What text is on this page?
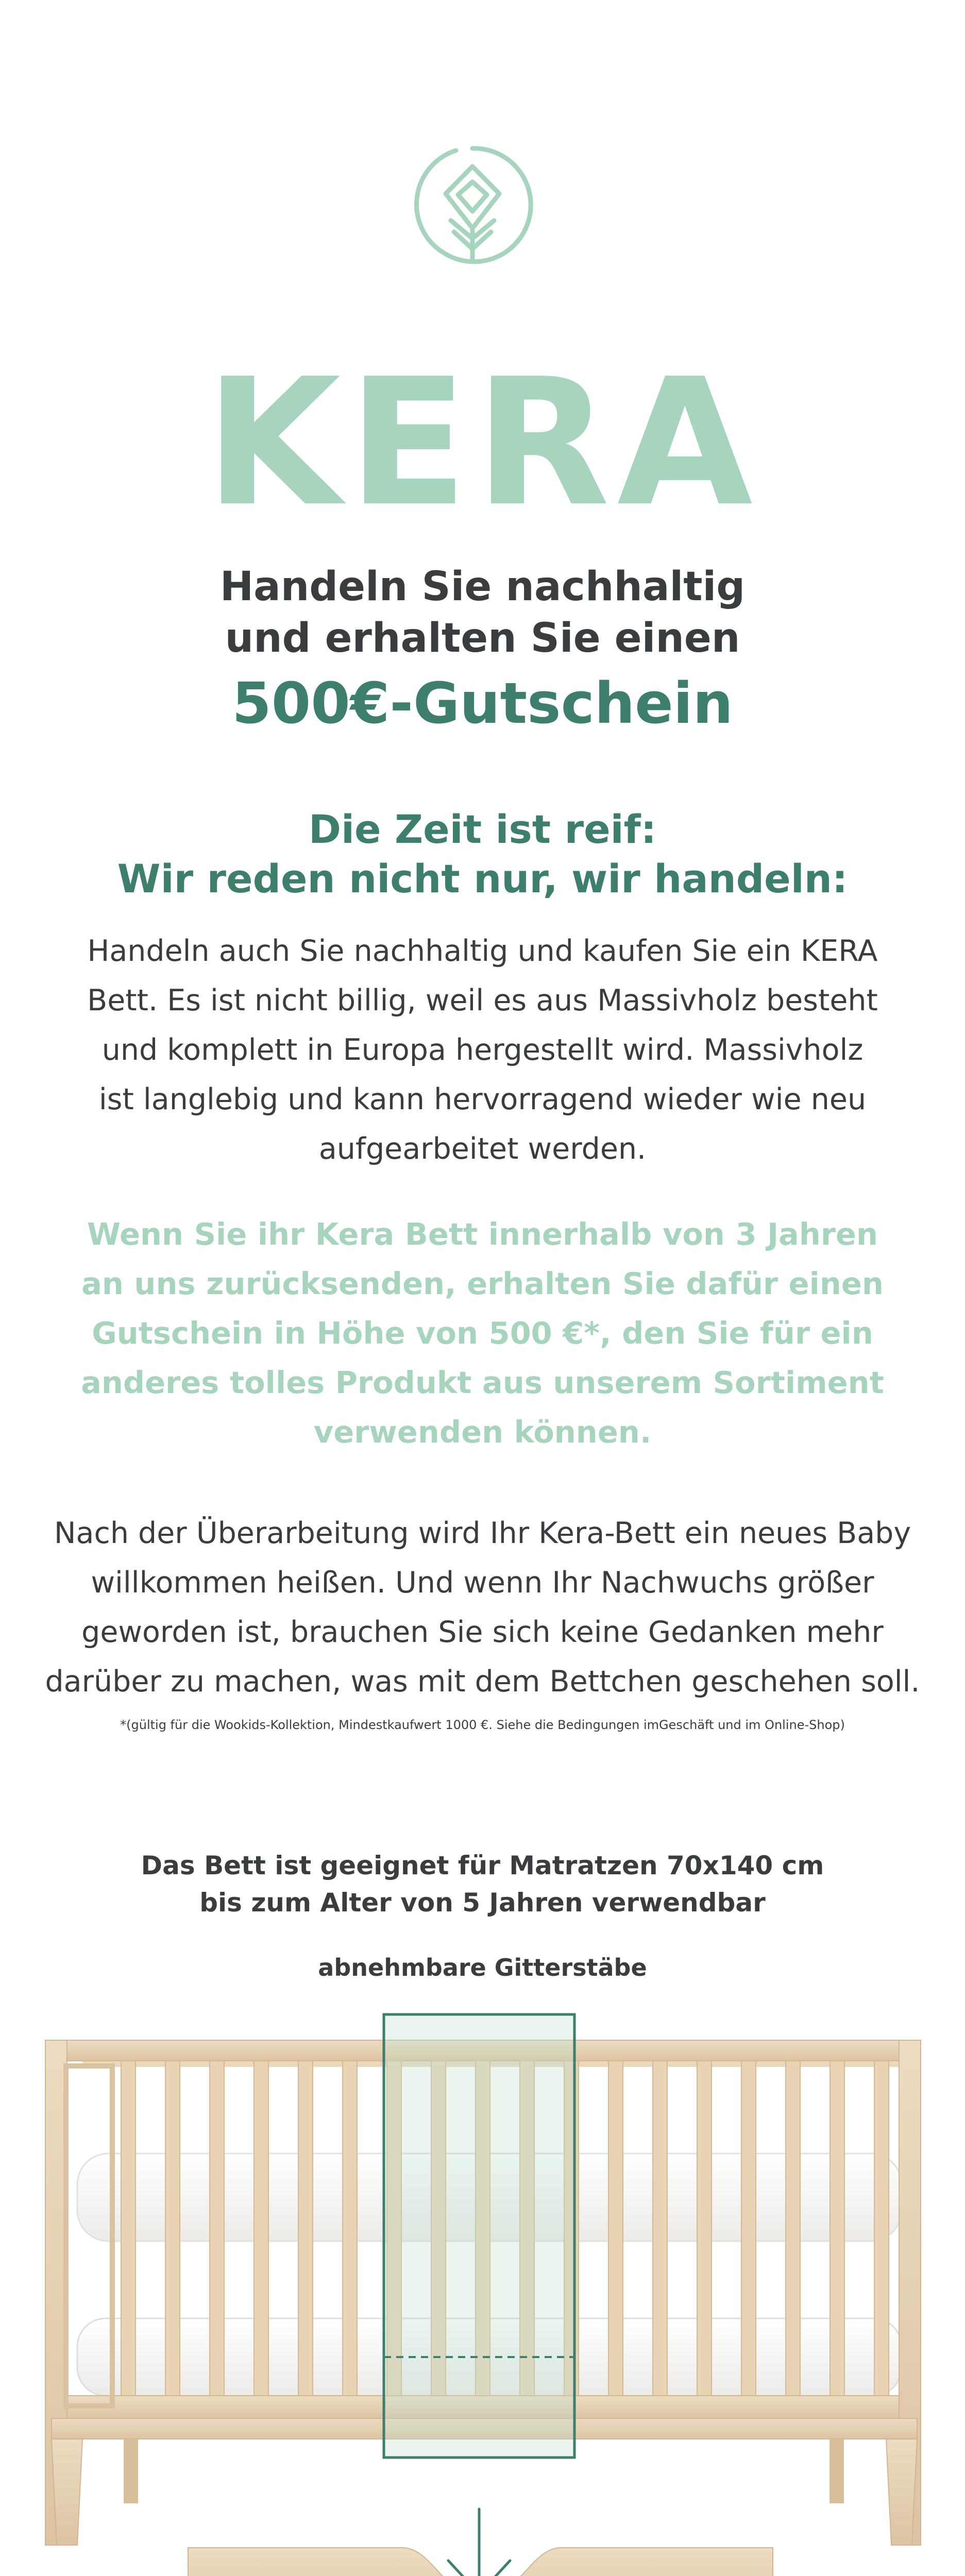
KERA
Handeln Sie nachhaltig
und erhalten Sie einen
500€-Gutschein
Die Zeit ist reif:
Wir reden nicht nur, wir handeln:

Handeln auch Sie nachhaltig und kaufen Sie ein KERA

Bett. Es ist nicht billig, weil es aus Massivholz besteht

und komplett in Europa hergestellt wird. Massivholz

ist langlebig und kann hervorragend wieder wie neu

aufgearbeitet werden.

Wenn Sie ihr Kera Bett innerhalb von 3 Jahren
an uns zurücksenden, erhalten Sie dafür einen
Gutschein in Höhe von 500 €*, den Sie für ein
anderes tolles Produkt aus unserem Sortiment
verwenden können.

Nach der Überarbeitung wird Ihr Kera-Bett ein neues Baby

willkommen heißen. Und wenn Ihr Nachwuchs größer

geworden ist, brauchen Sie sich keine Gedanken mehr

darüber zu machen, was mit dem Bettchen geschehen soll.

*(gültig für die Wookids-Kollektion, Mindestkaufwert 1000 €. Siehe die Bedingungen imGeschäft und im Online-Shop)
Das Bett ist geeignet für Matratzen 70x140 cm
bis zum Alter von 5 Jahren verwendbar
abnehmbare Gitterstäbe
